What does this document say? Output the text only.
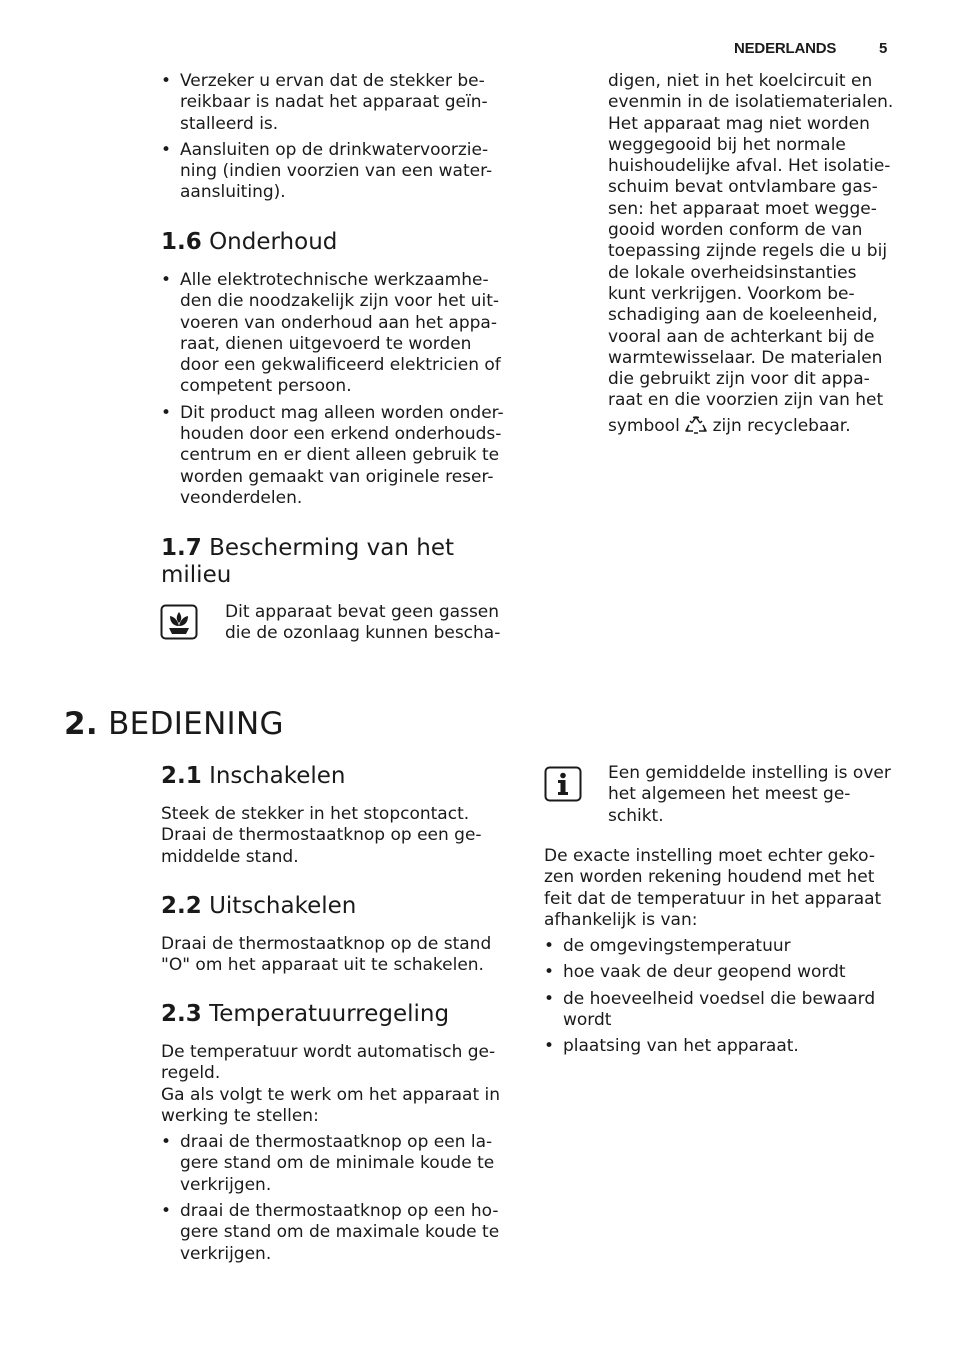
NEDERLANDS	5
• Verzeker u ervan dat de stekker be-
reikbaar is nadat het apparaat geïn-
stalleerd is.
• Aansluiten op de drinkwatervoorzie-
ning (indien voorzien van een water-
aansluiting).
1.6 Onderhoud
• Alle elektrotechnische werkzaamhe-
den die noodzakelijk zijn voor het uit-
voeren van onderhoud aan het appa-
raat, dienen uitgevoerd te worden
door een gekwalificeerd elektricien of
competent persoon.
• Dit product mag alleen worden onder-
houden door een erkend onderhouds-
centrum en er dient alleen gebruik te
worden gemaakt van originele reser-
veonderdelen.
1.7 Bescherming van het
milieu
Dit apparaat bevat geen gassen
die de ozonlaag kunnen bescha-
digen, niet in het koelcircuit en
evenmin in de isolatiematerialen.
Het apparaat mag niet worden
weggegooid bij het normale
huishoudelijke afval. Het isolatie-
schuim bevat ontvlambare gas-
sen: het apparaat moet wegge-
gooid worden conform de van
toepassing zijnde regels die u bij
de lokale overheidsinstanties
kunt verkrijgen. Voorkom be-
schadiging aan de koeleenheid,
vooral aan de achterkant bij de
warmtewisselaar. De materialen
die gebruikt zijn voor dit appa-
raat en die voorzien zijn van het
symbool zijn recyclebaar.
2. BEDIENING
2.1 Inschakelen
Steek de stekker in het stopcontact.
Draai de thermostaatknop op een ge-
middelde stand.
2.2 Uitschakelen
Draai de thermostaatknop op de stand
"O" om het apparaat uit te schakelen.
2.3 Temperatuurregeling
De temperatuur wordt automatisch ge-
regeld.
Ga als volgt te werk om het apparaat in
werking te stellen:
• draai de thermostaatknop op een la-
gere stand om de minimale koude te
verkrijgen.
• draai de thermostaatknop op een ho-
gere stand om de maximale koude te
verkrijgen.
Een gemiddelde instelling is over
het algemeen het meest ge-
schikt.
De exacte instelling moet echter geko-
zen worden rekening houdend met het
feit dat de temperatuur in het apparaat
afhankelijk is van:
• de omgevingstemperatuur
• hoe vaak de deur geopend wordt
• de hoeveelheid voedsel die bewaard
wordt
• plaatsing van het apparaat.
